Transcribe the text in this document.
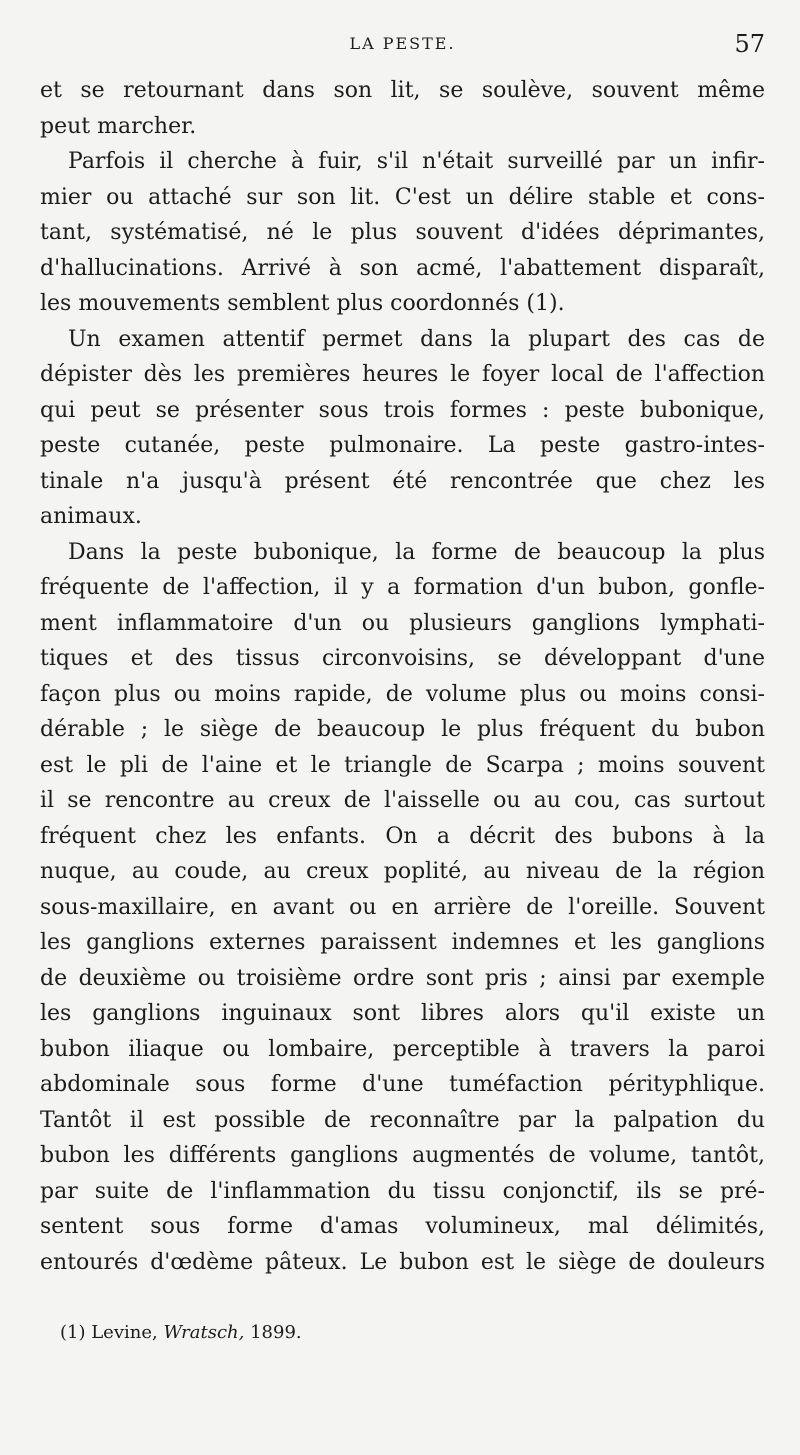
LA PESTE.	57
et se retournant dans son lit, se soulève, souvent même
peut marcher.
Parfois il cherche à fuir, s'il n'était surveillé par un infir-
mier ou attaché sur son lit. C'est un délire stable et cons-
tant, systématisé, né le plus souvent d'idées déprimantes,
d'hallucinations. Arrivé à son acmé, l'abattement disparaît,
les mouvements semblent plus coordonnés (1).
Un examen attentif permet dans la plupart des cas de
dépister dès les premières heures le foyer local de l'affection
qui peut se présenter sous trois formes : peste bubonique,
peste cutanée, peste pulmonaire. La peste gastro-intes-
tinale n'a jusqu'à présent été rencontrée que chez les
animaux.
Dans la peste bubonique, la forme de beaucoup la plus
fréquente de l'affection, il y a formation d'un bubon, gonfle-
ment inflammatoire d'un ou plusieurs ganglions lymphati-
tiques et des tissus circonvoisins, se développant d'une
façon plus ou moins rapide, de volume plus ou moins consi-
dérable ; le siège de beaucoup le plus fréquent du bubon
est le pli de l'aine et le triangle de Scarpa ; moins souvent
il se rencontre au creux de l'aisselle ou au cou, cas surtout
fréquent chez les enfants. On a décrit des bubons à la
nuque, au coude, au creux poplité, au niveau de la région
sous-maxillaire, en avant ou en arrière de l'oreille. Souvent
les ganglions externes paraissent indemnes et les ganglions
de deuxième ou troisième ordre sont pris ; ainsi par exemple
les ganglions inguinaux sont libres alors qu'il existe un
bubon iliaque ou lombaire, perceptible à travers la paroi
abdominale sous forme d'une tuméfaction pérityphlique.
Tantôt il est possible de reconnaître par la palpation du
bubon les différents ganglions augmentés de volume, tantôt,
par suite de l'inflammation du tissu conjonctif, ils se pré-
sentent sous forme d'amas volumineux, mal délimités,
entourés d'œdème pâteux. Le bubon est le siège de douleurs
(1) Levine, Wratsch, 1899.
